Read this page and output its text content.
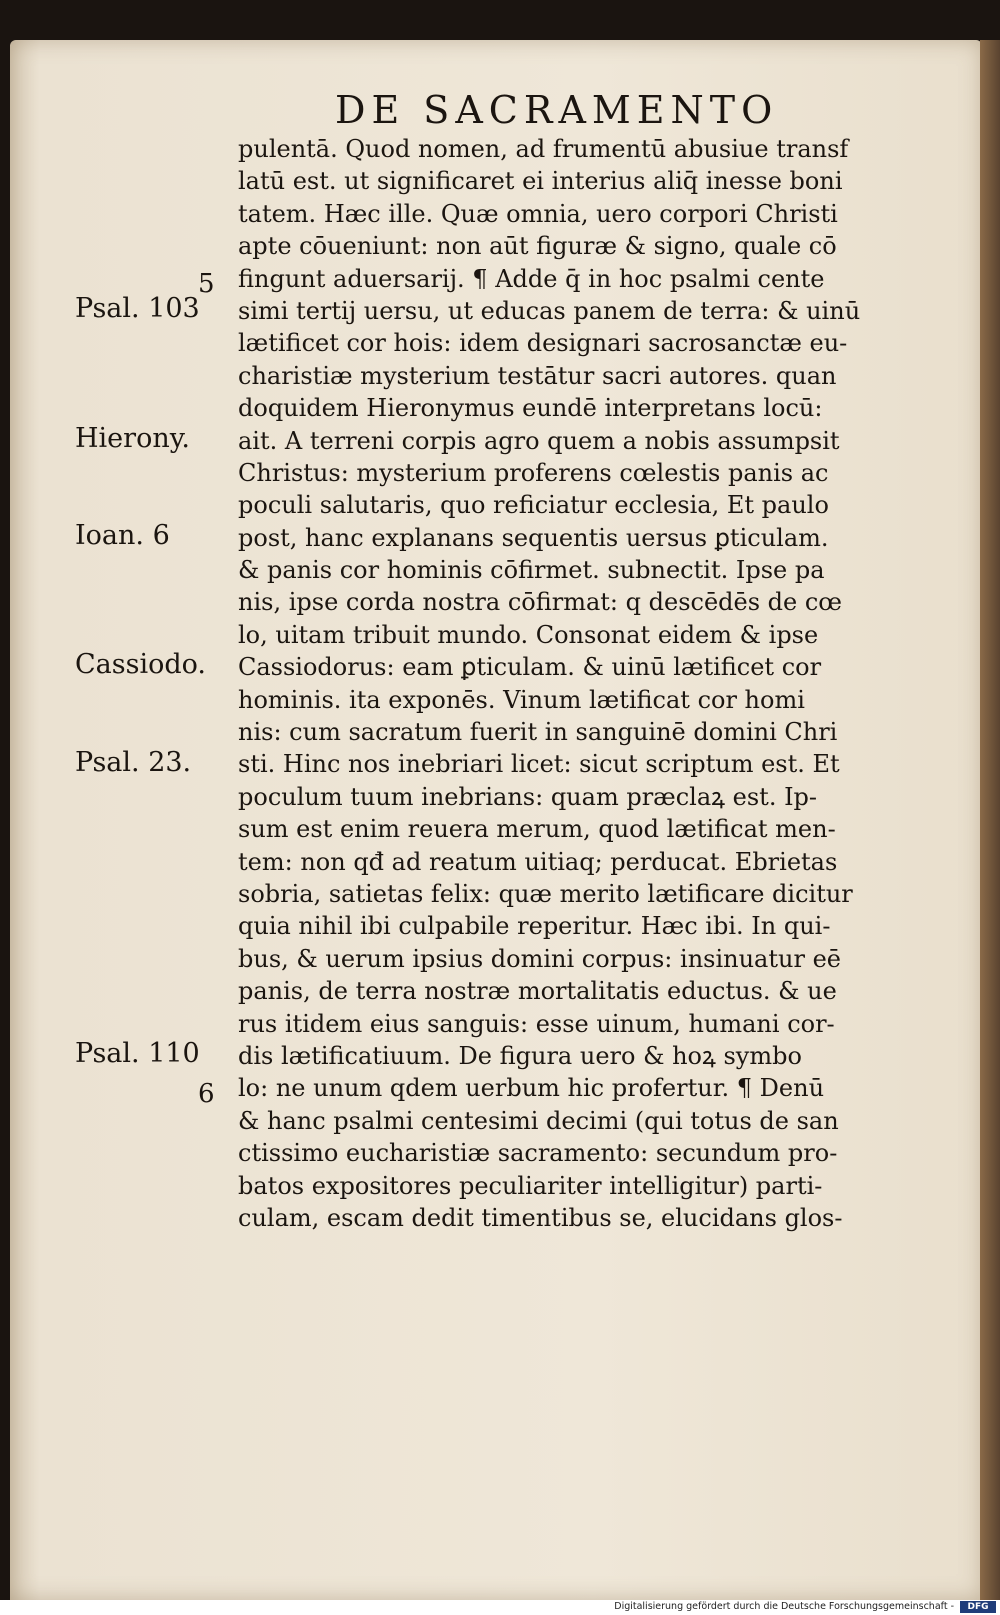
DE SACRAMENTO
pulentā. Quod nomen, ad frumentū abusiue transf
latū est. ut significaret ei interius aliq̄ inesse boni
tatem. Hæc ille. Quæ omnia, uero corpori Christi
apte cōueniunt: non aūt figuræ & signo, quale cō
fingunt aduersarij. ¶ Adde q̄ in hoc psalmi cente
simi tertij uersu, ut educas panem de terra: & uinū
lætificet cor hois: idem designari sacrosanctæ eu-
charistiæ mysterium testātur sacri autores. quan
doquidem Hieronymus eundē interpretans locū:
ait. A terreni corpis agro quem a nobis assumpsit
Christus: mysterium proferens cœlestis panis ac
poculi salutaris, quo reficiatur ecclesia, Et paulo
post, hanc explanans sequentis uersus ꝑticulam.
& panis cor hominis cōfirmet. subnectit. Ipse pa
nis, ipse corda nostra cōfirmat: q descēdēs de cœ
lo, uitam tribuit mundo. Consonat eidem & ipse
Cassiodorus: eam ꝑticulam. & uinū lætificet cor
hominis. ita exponēs. Vinum lætificat cor homi
nis: cum sacratum fuerit in sanguinē domini Chri
sti. Hinc nos inebriari licet: sicut scriptum est. Et
poculum tuum inebrians: quam præclaꝝ est. Ip-
sum est enim reuera merum, quod lætificat men-
tem: non qđ ad reatum uitiaq; perducat. Ebrietas
sobria, satietas felix: quæ merito lætificare dicitur
quia nihil ibi culpabile reperitur. Hæc ibi. In qui-
bus, & uerum ipsius domini corpus: insinuatur eē
panis, de terra nostræ mortalitatis eductus. & ue
rus itidem eius sanguis: esse uinum, humani cor-
dis lætificatiuum. De figura uero & hoꝝ symbo
lo: ne unum qdem uerbum hic profertur. ¶ Denū
& hanc psalmi centesimi decimi (qui totus de san
ctissimo eucharistiæ sacramento: secundum pro-
batos expositores peculiariter intelligitur) parti-
culam, escam dedit timentibus se, elucidans glos-
Psal. 103
Hierony.
Ioan. 6
Cassiodo.
Psal. 23.
Psal. 110
5
6
Digitalisierung gefördert durch die Deutsche Forschungsgemeinschaft -	DFG
